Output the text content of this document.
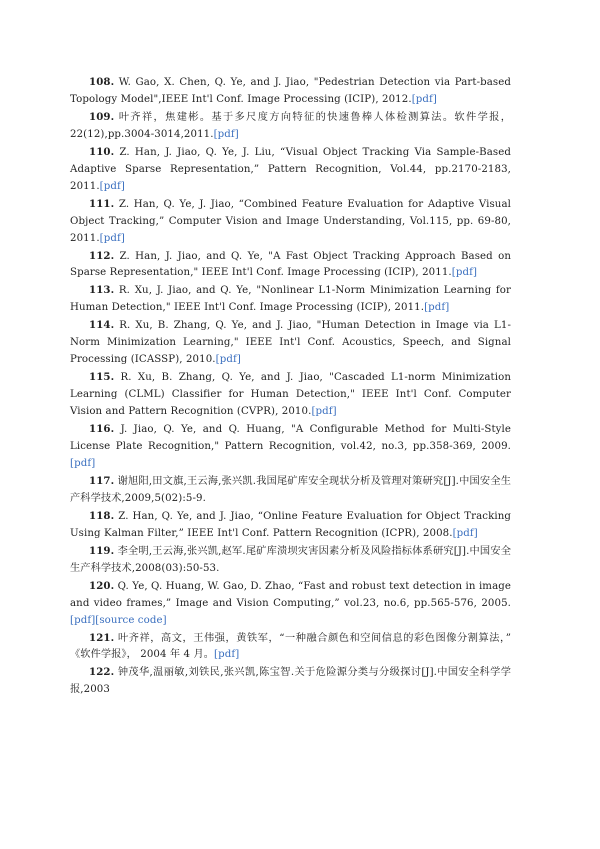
108. W. Gao, X. Chen, Q. Ye, and J. Jiao, "Pedestrian Detection via Part-based Topology Model",IEEE Int'l Conf. Image Processing (ICIP), 2012.[pdf]

109. 叶齐祥，焦建彬。基于多尺度方向特征的快速鲁棒人体检测算法。软件学报，22(12),pp.3004-3014,2011.[pdf]

110. Z. Han, J. Jiao, Q. Ye, J. Liu, “Visual Object Tracking Via Sample-Based Adaptive Sparse Representation,” Pattern Recognition, Vol.44, pp.2170-2183, 2011.[pdf]

111. Z. Han, Q. Ye, J. Jiao, “Combined Feature Evaluation for Adaptive Visual Object Tracking,” Computer Vision and Image Understanding, Vol.115, pp. 69-80, 2011.[pdf]

112. Z. Han, J. Jiao, and Q. Ye, "A Fast Object Tracking Approach Based on Sparse Representation," IEEE Int'l Conf. Image Processing (ICIP), 2011.[pdf]

113. R. Xu, J. Jiao, and Q. Ye, "Nonlinear L1-Norm Minimization Learning for Human Detection," IEEE Int'l Conf. Image Processing (ICIP), 2011.[pdf]

114. R. Xu, B. Zhang, Q. Ye, and J. Jiao, "Human Detection in Image via L1-Norm Minimization Learning," IEEE Int'l Conf. Acoustics, Speech, and Signal Processing (ICASSP), 2010.[pdf]

115. R. Xu, B. Zhang, Q. Ye, and J. Jiao, "Cascaded L1-norm Minimization Learning (CLML) Classifier for Human Detection," IEEE Int'l Conf. Computer Vision and Pattern Recognition (CVPR), 2010.[pdf]

116. J. Jiao, Q. Ye, and Q. Huang, "A Configurable Method for Multi-Style License Plate Recognition," Pattern Recognition, vol.42, no.3, pp.358-369, 2009.[pdf]

117. 谢旭阳,田文旗,王云海,张兴凯.我国尾矿库安全现状分析及管理对策研究[J].中国安全生产科学技术,2009,5(02):5-9.

118. Z. Han, Q. Ye, and J. Jiao, “Online Feature Evaluation for Object Tracking Using Kalman Filter,” IEEE Int'l Conf. Pattern Recognition (ICPR), 2008.[pdf]

119. 李全明,王云海,张兴凯,赵军.尾矿库溃坝灾害因素分析及风险指标体系研究[J].中国安全生产科学技术,2008(03):50-53.

120. Q. Ye, Q. Huang, W. Gao, D. Zhao, “Fast and robust text detection in image and video frames,” Image and Vision Computing,” vol.23, no.6, pp.565-576, 2005.[pdf][source code]

121. 叶齐祥，高文，王伟强，黄铁军，“一种融合颜色和空间信息的彩色图像分割算法，” 《软件学报》， 2004 年 4 月。[pdf]

122. 钟茂华,温丽敏,刘铁民,张兴凯,陈宝智.关于危险源分类与分级探讨[J].中国安全科学学报,2003
